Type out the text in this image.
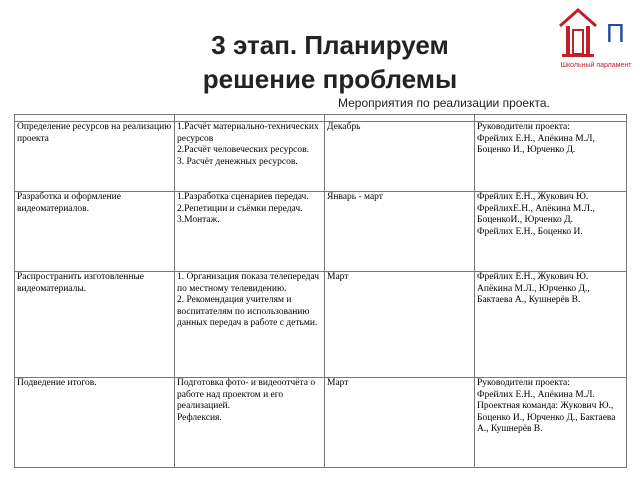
3 этап. Планируем
решение проблемы
П
Школьный парламент
Мероприятия по реализации проекта.

Определение ресурсов на реализацию проекта	1.Расчёт материально-технических ресурсов
2.Расчёт человеческих ресурсов.
3. Расчёт денежных ресурсов.	Декабрь	Руководители проекта:
Фрейлих Е.Н., Апёкина М.Л, Боценко И., Юрченко Д.

Разработка и оформление видеоматериалов.	1.Разработка сценариев передач.
2.Репетиции и съёмки передач.
3.Монтаж.	Январь - март	Фрейлих Е.Н., Жукович Ю.
ФрейлихЕ.Н., Апёкина М.Л., БоценкоИ., Юрченко Д.
Фрейлих Е.Н., Боценко И.

Распространить изготовленные видеоматериалы.	1. Организация показа телепередач по местному телевидению.
2. Рекомендация учителям и воспитателям по использованию данных передач в работе с детьми.	Март	Фрейлих Е.Н., Жукович Ю.
Апёкина М.Л., Юрченко Д., Бактаева А., Кушнерёв В.

Подведение итогов.	Подготовка фото- и видеоотчёта о работе над проектом и его реализацией.
Рефлексия.	Март	Руководители проекта:
Фрейлих Е.Н., Апёкина М.Л.
Проектная команда: Жукович Ю., Боценко И., Юрченко Д., Бактаева А., Кушнерёв В.
